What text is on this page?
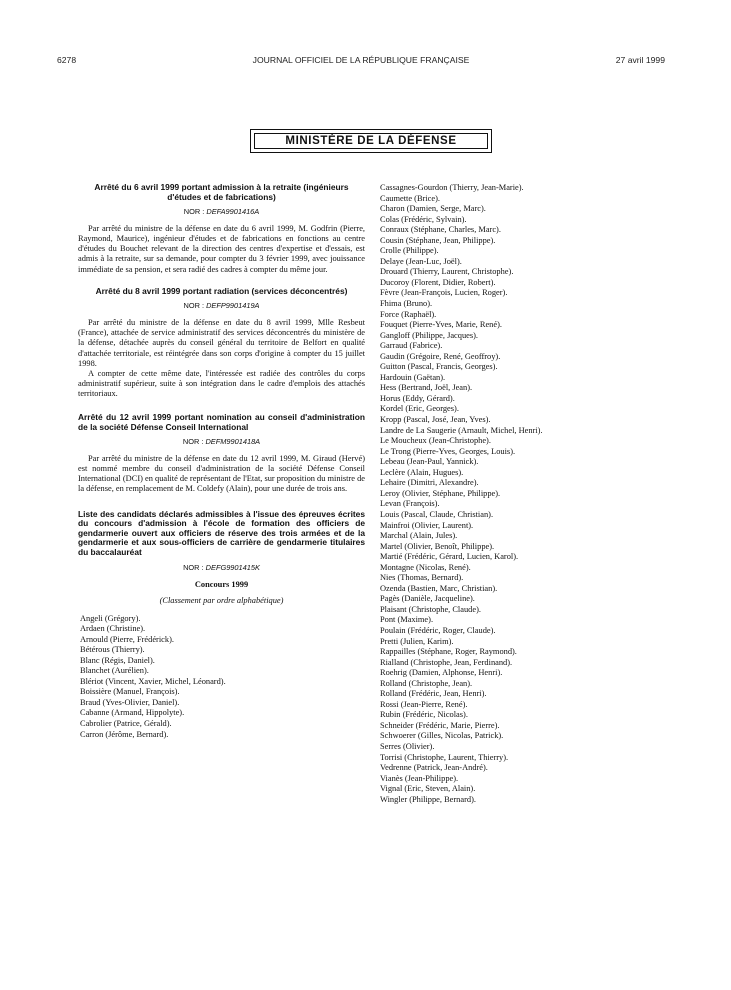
6278	JOURNAL OFFICIEL DE LA RÉPUBLIQUE FRANÇAISE	27 avril 1999
MINISTÈRE DE LA DÉFENSE

Arrêté du 6 avril 1999 portant admission à la retraite (ingénieurs d'études et de fabrications)

NOR : DEFA9901416A

Par arrêté du ministre de la défense en date du 6 avril 1999, M. Godfrin (Pierre, Raymond, Maurice), ingénieur d'études et de fabrications en fonctions au centre d'études du Bouchet relevant de la direction des centres d'expertise et d'essais, est admis à la retraite, sur sa demande, pour compter du 3 février 1999, avec jouissance immédiate de sa pension, et sera radié des cadres à compter du même jour.

Arrêté du 8 avril 1999 portant radiation (services déconcentrés)

NOR : DEFP9901419A

Par arrêté du ministre de la défense en date du 8 avril 1999, Mlle Resbeut (France), attachée de service administratif des services déconcentrés du ministère de la défense, détachée auprès du conseil général du territoire de Belfort en qualité d'attachée territoriale, est réintégrée dans son corps d'origine à compter du 15 juillet 1998.

A compter de cette même date, l'intéressée est radiée des contrôles du corps administratif supérieur, suite à son intégration dans le cadre d'emplois des attachés territoriaux.

Arrêté du 12 avril 1999 portant nomination au conseil d'administration de la société Défense Conseil International

NOR : DEFM9901418A

Par arrêté du ministre de la défense en date du 12 avril 1999, M. Giraud (Hervé) est nommé membre du conseil d'administration de la société Défense Conseil International (DCI) en qualité de représentant de l'Etat, sur proposition du ministre de la défense, en remplacement de M. Coldefy (Alain), pour une durée de trois ans.

Liste des candidats déclarés admissibles à l'issue des épreuves écrites du concours d'admission à l'école de formation des officiers de gendarmerie ouvert aux officiers de réserve des trois armées et de la gendarmerie et aux sous-officiers de carrière de gendarmerie titulaires du baccalauréat

NOR : DEFG9901415K

Concours 1999

(Classement par ordre alphabétique)

Angeli (Grégory).
Ardaen (Christine).
Arnould (Pierre, Frédérick).
Bétérous (Thierry).
Blanc (Régis, Daniel).
Blanchet (Aurélien).
Blériot (Vincent, Xavier, Michel, Léonard).
Boissière (Manuel, François).
Braud (Yves-Olivier, Daniel).
Cabanne (Armand, Hippolyte).
Cabrolier (Patrice, Gérald).
Carron (Jérôme, Bernard).
Cassagnes-Gourdon (Thierry, Jean-Marie).
Caumette (Brice).
Charon (Damien, Serge, Marc).
Colas (Frédéric, Sylvain).
Conraux (Stéphane, Charles, Marc).
Cousin (Stéphane, Jean, Philippe).
Crolle (Philippe).
Delaye (Jean-Luc, Joël).
Drouard (Thierry, Laurent, Christophe).
Ducoroy (Florent, Didier, Robert).
Fèvre (Jean-François, Lucien, Roger).
Fhima (Bruno).
Force (Raphaël).
Fouquet (Pierre-Yves, Marie, René).
Gangloff (Philippe, Jacques).
Garraud (Fabrice).
Gaudin (Grégoire, René, Geoffroy).
Guitton (Pascal, Francis, Georges).
Hardouin (Gaëtan).
Hess (Bertrand, Joël, Jean).
Horus (Eddy, Gérard).
Kordel (Eric, Georges).
Kropp (Pascal, José, Jean, Yves).
Landre de La Saugerie (Arnault, Michel, Henri).
Le Moucheux (Jean-Christophe).
Le Trong (Pierre-Yves, Georges, Louis).
Lebeau (Jean-Paul, Yannick).
Leclère (Alain, Hugues).
Lehaire (Dimitri, Alexandre).
Leroy (Olivier, Stéphane, Philippe).
Levan (François).
Louis (Pascal, Claude, Christian).
Mainfroi (Olivier, Laurent).
Marchal (Alain, Jules).
Martel (Olivier, Benoît, Philippe).
Martié (Frédéric, Gérard, Lucien, Karol).
Montagne (Nicolas, René).
Nies (Thomas, Bernard).
Ozenda (Bastien, Marc, Christian).
Pagès (Danièle, Jacqueline).
Plaisant (Christophe, Claude).
Pont (Maxime).
Poulain (Frédéric, Roger, Claude).
Pretti (Julien, Karim).
Rappailles (Stéphane, Roger, Raymond).
Rialland (Christophe, Jean, Ferdinand).
Roehrig (Damien, Alphonse, Henri).
Rolland (Christophe, Jean).
Rolland (Frédéric, Jean, Henri).
Rossi (Jean-Pierre, René).
Rubin (Frédéric, Nicolas).
Schneider (Frédéric, Marie, Pierre).
Schwoerer (Gilles, Nicolas, Patrick).
Serres (Olivier).
Torrisi (Christophe, Laurent, Thierry).
Vedrenne (Patrick, Jean-André).
Vianès (Jean-Philippe).
Vignal (Eric, Steven, Alain).
Wingler (Philippe, Bernard).
